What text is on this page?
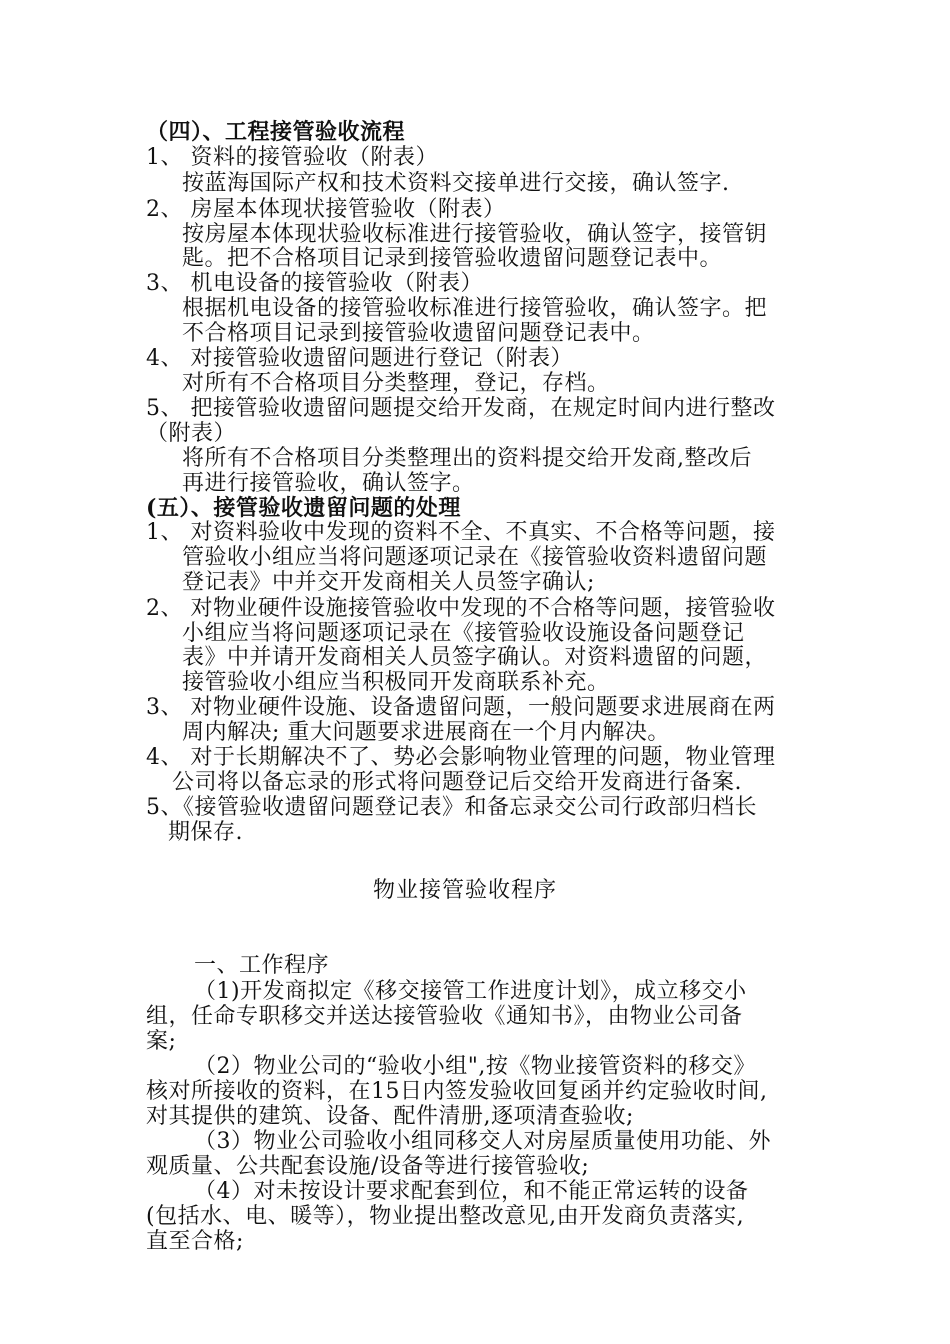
（四）、工程接管验收流程
1、 资料的接管验收（附表）
按蓝海国际产权和技术资料交接单进行交接，确认签字.
2、 房屋本体现状接管验收（附表）
按房屋本体现状验收标准进行接管验收，确认签字，接管钥
匙。把不合格项目记录到接管验收遗留问题登记表中。
3、 机电设备的接管验收（附表）
根据机电设备的接管验收标准进行接管验收，确认签字。把
不合格项目记录到接管验收遗留问题登记表中。
4、 对接管验收遗留问题进行登记（附表）
对所有不合格项目分类整理，登记，存档。
5、 把接管验收遗留问题提交给开发商，在规定时间内进行整改
（附表）
将所有不合格项目分类整理出的资料提交给开发商,整改后
再进行接管验收，确认签字。
(五）、接管验收遗留问题的处理
1、 对资料验收中发现的资料不全、不真实、不合格等问题，接
管验收小组应当将问题逐项记录在《接管验收资料遗留问题
登记表》中并交开发商相关人员签字确认;
2、 对物业硬件设施接管验收中发现的不合格等问题，接管验收
小组应当将问题逐项记录在《接管验收设施设备问题登记
表》中并请开发商相关人员签字确认。对资料遗留的问题，
接管验收小组应当积极同开发商联系补充。
3、 对物业硬件设施、设备遗留问题，一般问题要求进展商在两
周内解决; 重大问题要求进展商在一个月内解决。
4、 对于长期解决不了、势必会影响物业管理的问题，物业管理
公司将以备忘录的形式将问题登记后交给开发商进行备案.
5、《接管验收遗留问题登记表》和备忘录交公司行政部归档长
期保存.
物业接管验收程序
一、工作程序
（1)开发商拟定《移交接管工作进度计划》，成立移交小
组，任命专职移交并送达接管验收《通知书》，由物业公司备
案;
（2）物业公司的“验收小组",按《物业接管资料的移交》
核对所接收的资料，在15日内签发验收回复函并约定验收时间,
对其提供的建筑、设备、配件清册,逐项清查验收;
（3）物业公司验收小组同移交人对房屋质量使用功能、外
观质量、公共配套设施/设备等进行接管验收;
（4）对未按设计要求配套到位，和不能正常运转的设备
(包括水、电、暖等），物业提出整改意见,由开发商负责落实,
直至合格;
